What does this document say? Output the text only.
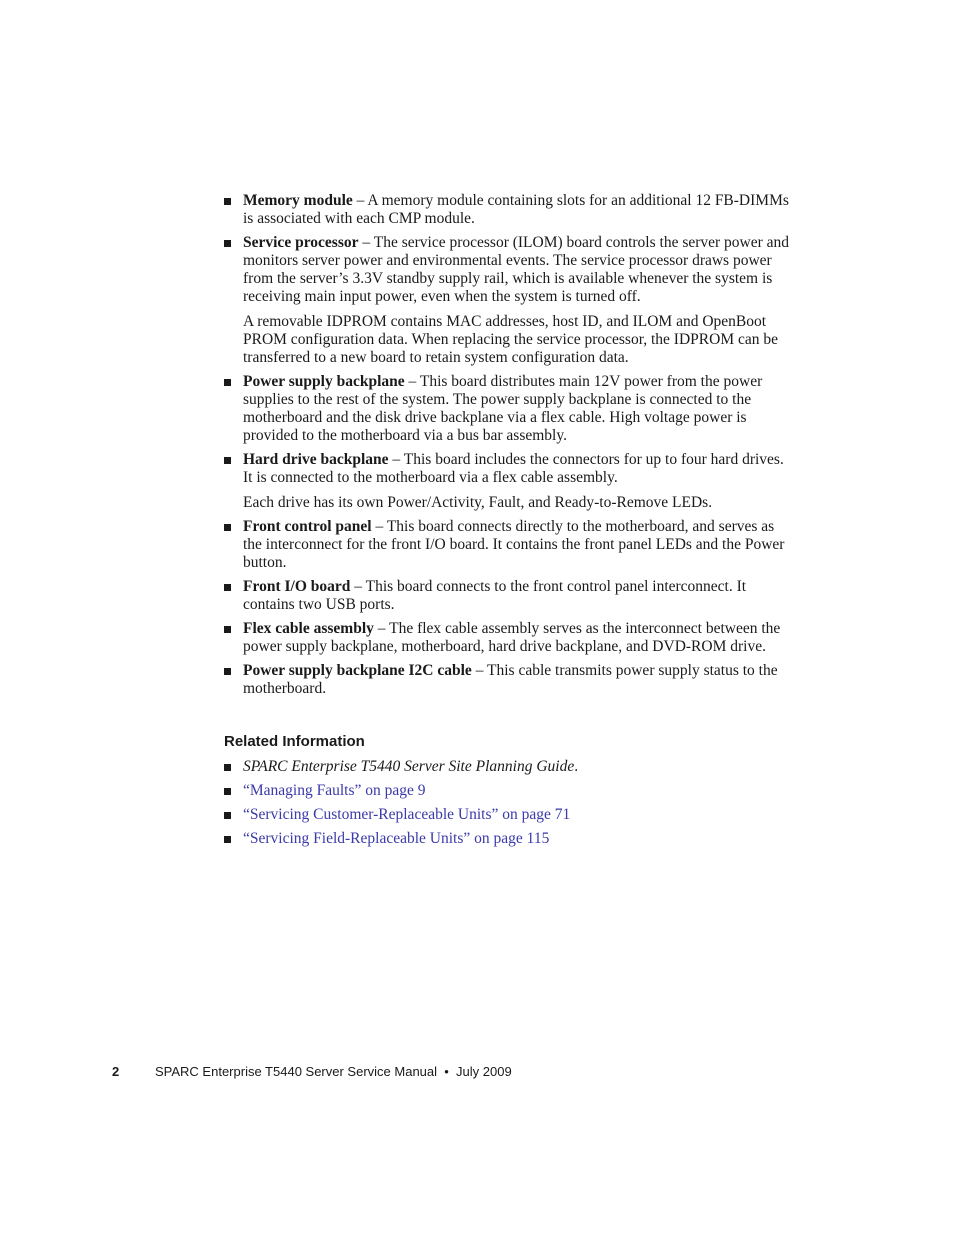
Memory module – A memory module containing slots for an additional 12 FB-DIMMs is associated with each CMP module.

Service processor – The service processor (ILOM) board controls the server power and monitors server power and environmental events. The service processor draws power from the server’s 3.3V standby supply rail, which is available whenever the system is receiving main input power, even when the system is turned off.

A removable IDPROM contains MAC addresses, host ID, and ILOM and OpenBoot PROM configuration data. When replacing the service processor, the IDPROM can be transferred to a new board to retain system configuration data.

Power supply backplane – This board distributes main 12V power from the power supplies to the rest of the system. The power supply backplane is connected to the motherboard and the disk drive backplane via a flex cable. High voltage power is provided to the motherboard via a bus bar assembly.

Hard drive backplane – This board includes the connectors for up to four hard drives. It is connected to the motherboard via a flex cable assembly.

Each drive has its own Power/Activity, Fault, and Ready-to-Remove LEDs.

Front control panel – This board connects directly to the motherboard, and serves as the interconnect for the front I/O board. It contains the front panel LEDs and the Power button.

Front I/O board – This board connects to the front control panel interconnect. It contains two USB ports.

Flex cable assembly – The flex cable assembly serves as the interconnect between the power supply backplane, motherboard, hard drive backplane, and DVD-ROM drive.

Power supply backplane I2C cable – This cable transmits power supply status to the motherboard.

Related Information

SPARC Enterprise T5440 Server Site Planning Guide.

“Managing Faults” on page 9

“Servicing Customer-Replaceable Units” on page 71

“Servicing Field-Replaceable Units” on page 115

2	SPARC Enterprise T5440 Server Service Manual  •  July 2009
